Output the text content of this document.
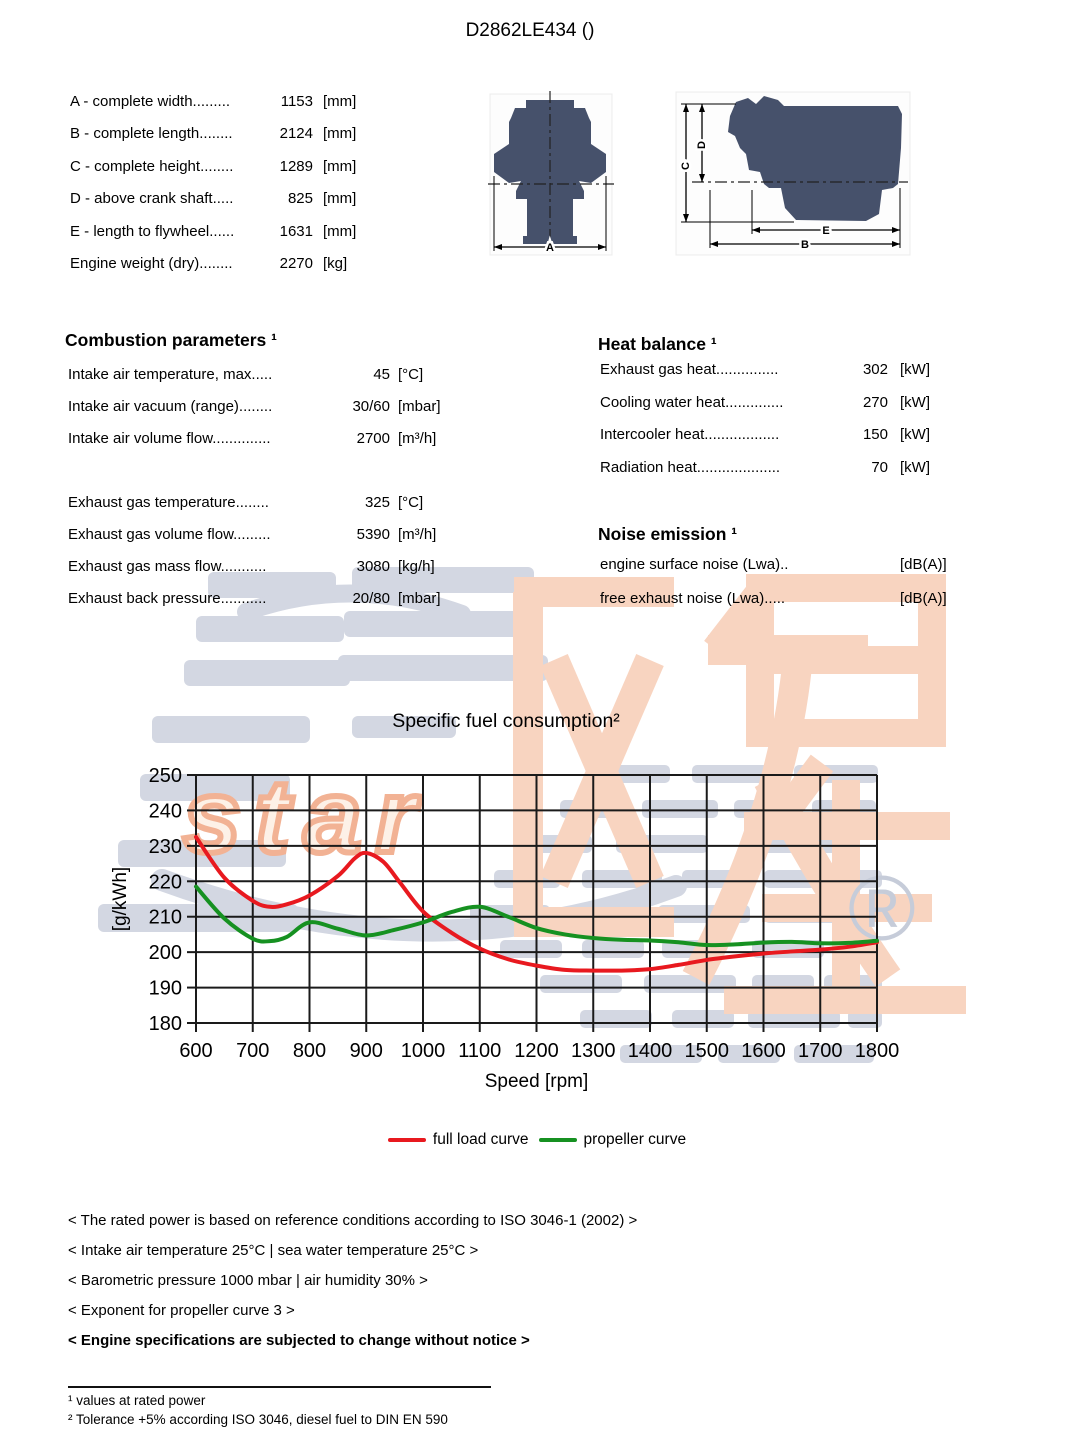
star
®
D2862LE434 ()
A - complete width.........	1153 [mm]
B - complete length........	2124 [mm]
C - complete height........	1289 [mm]
D - above crank shaft.....	825 [mm]
E - length to flywheel......	1631 [mm]
Engine weight (dry)........	2270 [kg]
A
C
D
E
B
Combustion parameters ¹
Intake air temperature, max.....	45 [°C]
Intake air vacuum (range)........	30/60 [mbar]
Intake air volume flow..............	2700 [m³/h]
Exhaust gas temperature........	325 [°C]
Exhaust gas volume flow.........	5390 [m³/h]
Exhaust gas mass flow...........	3080 [kg/h]
Exhaust back pressure...........	20/80 [mbar]
Heat balance ¹
Exhaust gas heat...............	302 [kW]
Cooling water heat..............	270 [kW]
Intercooler heat..................	150 [kW]
Radiation heat....................	70 [kW]
Noise emission ¹
engine surface noise (Lwa)..	[dB(A)]
free exhaust noise (Lwa).....	[dB(A)]
Specific fuel consumption²
600 700 800 900 1000 1100 1200 1300 1400 1500 1600 1700 1800
180
190
200
210
220
230
240
250
Speed [rpm]
[g/kWh]
full load curve	propeller curve
< The rated power is based on reference conditions according to ISO 3046-1 (2002) >
< Intake air temperature 25°C | sea water temperature 25°C >
< Barometric pressure 1000 mbar | air humidity 30% >
< Exponent for propeller curve 3 >
< Engine specifications are subjected to change without notice >
¹ values at rated power
² Tolerance +5% according ISO 3046, diesel fuel to DIN EN 590
